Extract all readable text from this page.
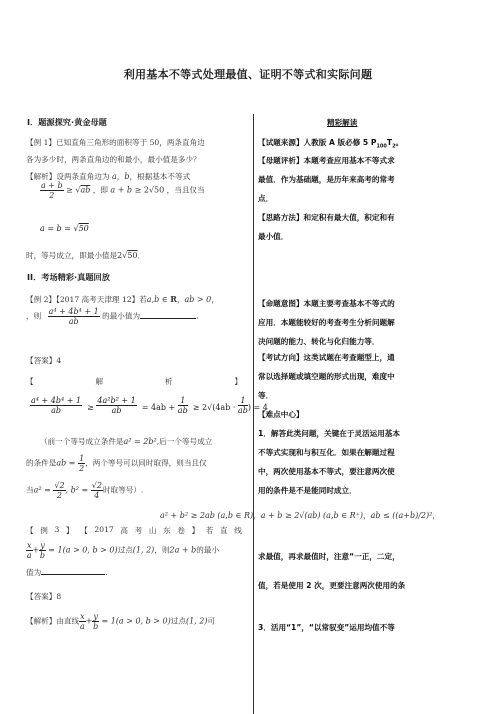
利用基本不等式处理最值、证明不等式和实际问题
I．题源探究·黄金母题
【例 1】已知直角三角形的面积等于 50，两条直角边
各为多少时，两条直角边的和最小，最小值是多少？
【解析】设两条直角边为 a，b，根据基本不等式
$\frac{a + b}{2} \ge √ab$ ，即 a + b ≥ 2√50 ，当且仅当
a = b = √50
时，等号成立，即最小值是2√50．
II．考场精彩·真题回放
【例 2】【2017 高考天津理 12】若a,b ∈ R，ab > 0，
，则 $\frac{\text{a⁴ + 4b⁴ + 1}}{ab}$ 的最小值为	.
【答案】4
【	解	析	】
$\frac{\text{a⁴ + 4b⁴ + 1}}{ab} \ge \frac{\text{4a²b² + 1}}{ab} = 4ab + \frac{1}{ab} \ge 2√(4ab \cdot \frac{1}{ab}$ ) = 4
（前一个等号成立条件是a² = 2b²,后一个等号成立
的条件是ab = $\frac{1}{2}$ ，两个等号可以同时取得，则当且仅
当$a^2 = \frac{√2}{2}$ , $b^2 = \frac{√2}{4}$ 时取等号）.
a² + b² ≥ 2ab (a,b ∈ R)，a + b ≥ 2√(ab) (a,b ∈ R⁺)，ab ≤ ((a+b)/2)²，
【 例 3 】 【 2017 高 考 山 东 卷 】 若 直 线
$\frac{x}{a} + \frac{y}{b} = 1(a > 0$, b > 0)过点(1, 2)，则2a + b的最小
值为	.
【答案】8
【解析】由直线 $\frac{x}{a} + \frac{y}{b} = 1(a > 0$, b > 0)过点(1, 2)可
精彩解读
【试题来源】人教版 A 版必修 5 $P_{100}T_2$。
【母题评析】本题考查应用基本不等式求
最值．作为基础题，是历年来高考的常考
点．
【思路方法】和定积有最大值，积定和有
最小值．
【命题意图】本题主要考查基本不等式的
应用．本题能较好的考查考生分析问题解
决问题的能力、转化与化归能力等．
【考试方向】这类试题在考查题型上，通
常以选择题或填空题的形式出现，难度中
等．
【难点中心】
1．解答此类问题，关键在于灵活运用基本
不等式实现和与积互化．如果在解题过程
中，两次使用基本不等式，要注意两次使
用的条件是不是能同时成立．
求最值，再求最值时，注意“一正，二定，
值，若是使用 2 次，更要注意两次使用的条
3．活用“1”，“以常驭变”运用均值不等
